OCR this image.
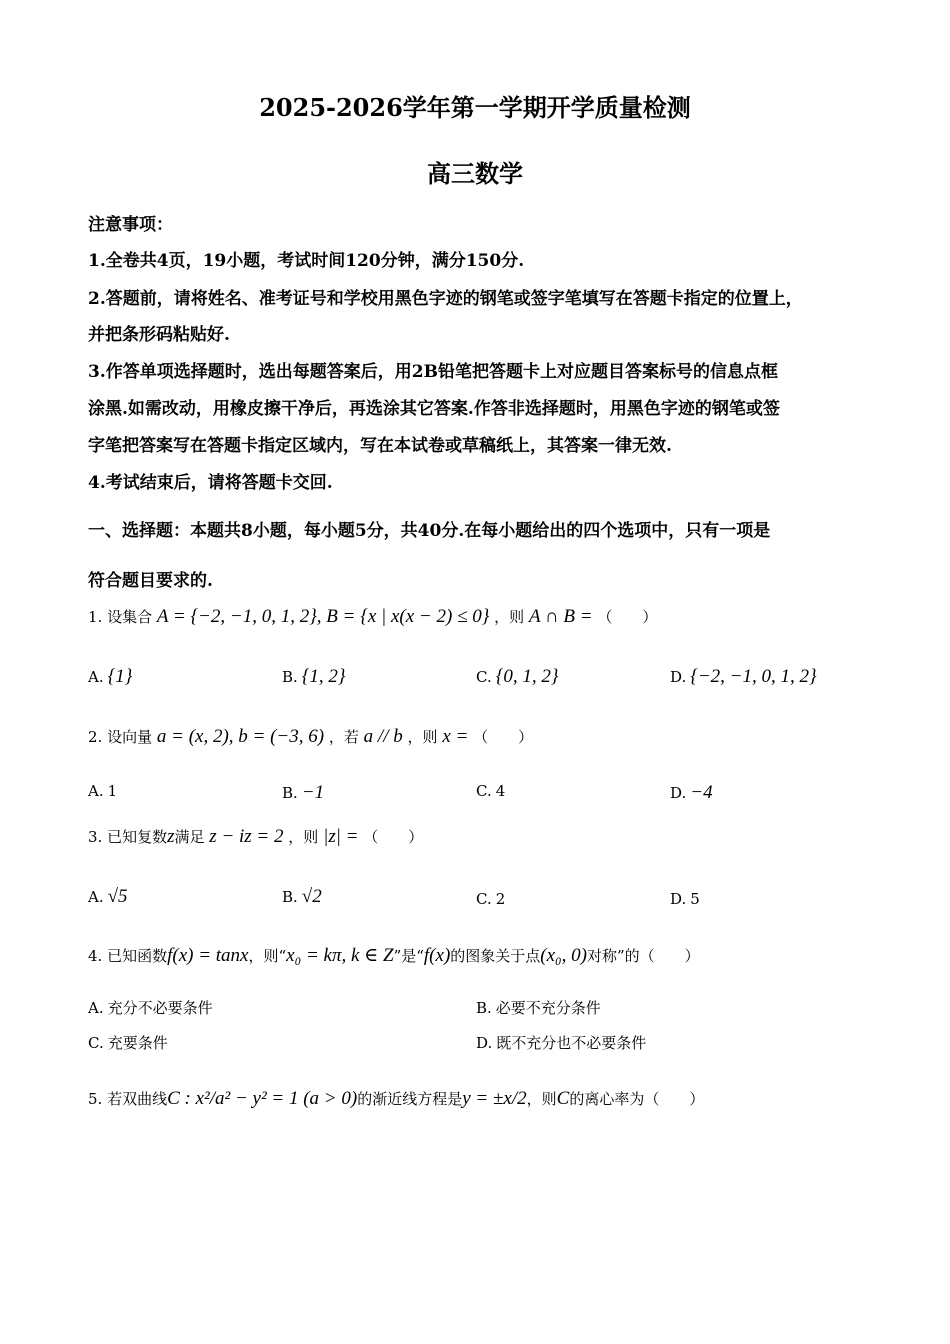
2025-2026学年第一学期开学质量检测
高三数学
注意事项：
1.全卷共4页，19小题，考试时间120分钟，满分150分.
2.答题前，请将姓名、准考证号和学校用黑色字迹的钢笔或签字笔填写在答题卡指定的位置上，
并把条形码粘贴好.
3.作答单项选择题时，选出每题答案后，用2B铅笔把答题卡上对应题目答案标号的信息点框
涂黑.如需改动，用橡皮擦干净后，再选涂其它答案.作答非选择题时，用黑色字迹的钢笔或签
字笔把答案写在答题卡指定区域内，写在本试卷或草稿纸上，其答案一律无效.
4.考试结束后，请将答题卡交回.
一、选择题：本题共8小题，每小题5分，共40分.在每小题给出的四个选项中，只有一项是
符合题目要求的.
1. 设集合 A = {−2, −1, 0, 1, 2}, B = {x | x(x − 2) ≤ 0} ，则 A ∩ B = （　　）
A. {1}	B. {1, 2}	C. {0, 1, 2}	D. {−2, −1, 0, 1, 2}
2. 设向量 a = (x, 2), b = (−3, 6) ，若 a // b ，则 x = （　　）
A. 1	B. −1	C. 4	D. −4
3. 已知复数z满足 z − iz = 2 ，则 |z| = （　　）
A. √5	B. √2	C. 2	D. 5
4. 已知函数f(x) = tanx，则“x₀ = kπ, k ∈ Z”是“f(x)的图象关于点(x₀, 0)对称”的（　　）
A. 充分不必要条件	B. 必要不充分条件
C. 充要条件	D. 既不充分也不必要条件
5. 若双曲线C : x²/a² − y² = 1 (a > 0)的渐近线方程是y = ±x/2，则C的离心率为（　　）
